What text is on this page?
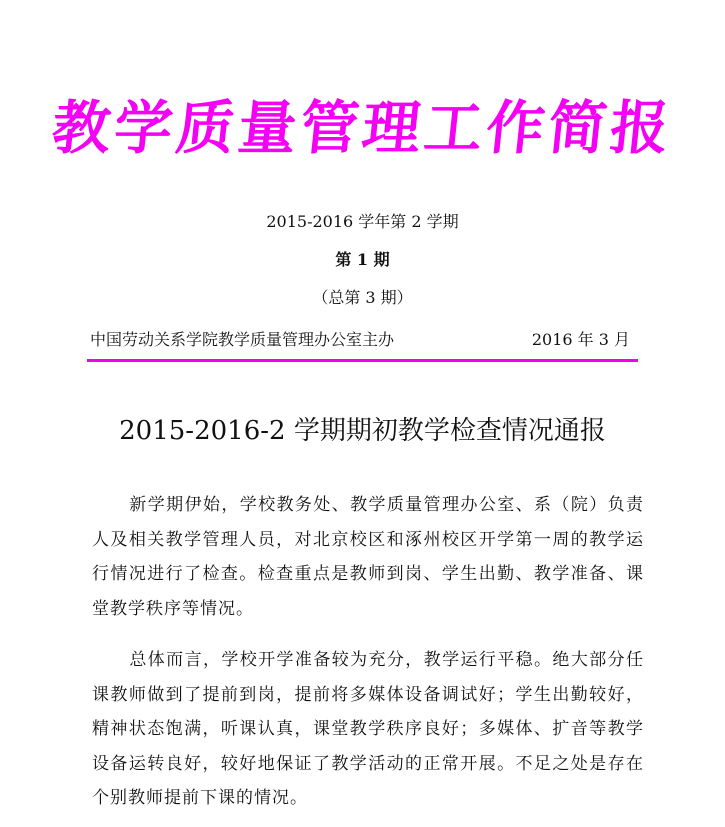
教学质量管理工作简报
2015-2016 学年第 2 学期
第 1 期
（总第 3 期）
中国劳动关系学院教学质量管理办公室主办	2016 年 3 月
2015-2016-2 学期期初教学检查情况通报

新学期伊始，学校教务处、教学质量管理办公室、系（院）负责人及相关教学管理人员，对北京校区和涿州校区开学第一周的教学运行情况进行了检查。检查重点是教师到岗、学生出勤、教学准备、课堂教学秩序等情况。

总体而言，学校开学准备较为充分，教学运行平稳。绝大部分任课教师做到了提前到岗，提前将多媒体设备调试好；学生出勤较好，精神状态饱满，听课认真，课堂教学秩序良好；多媒体、扩音等教学设备运转良好，较好地保证了教学活动的正常开展。不足之处是存在个别教师提前下课的情况。
